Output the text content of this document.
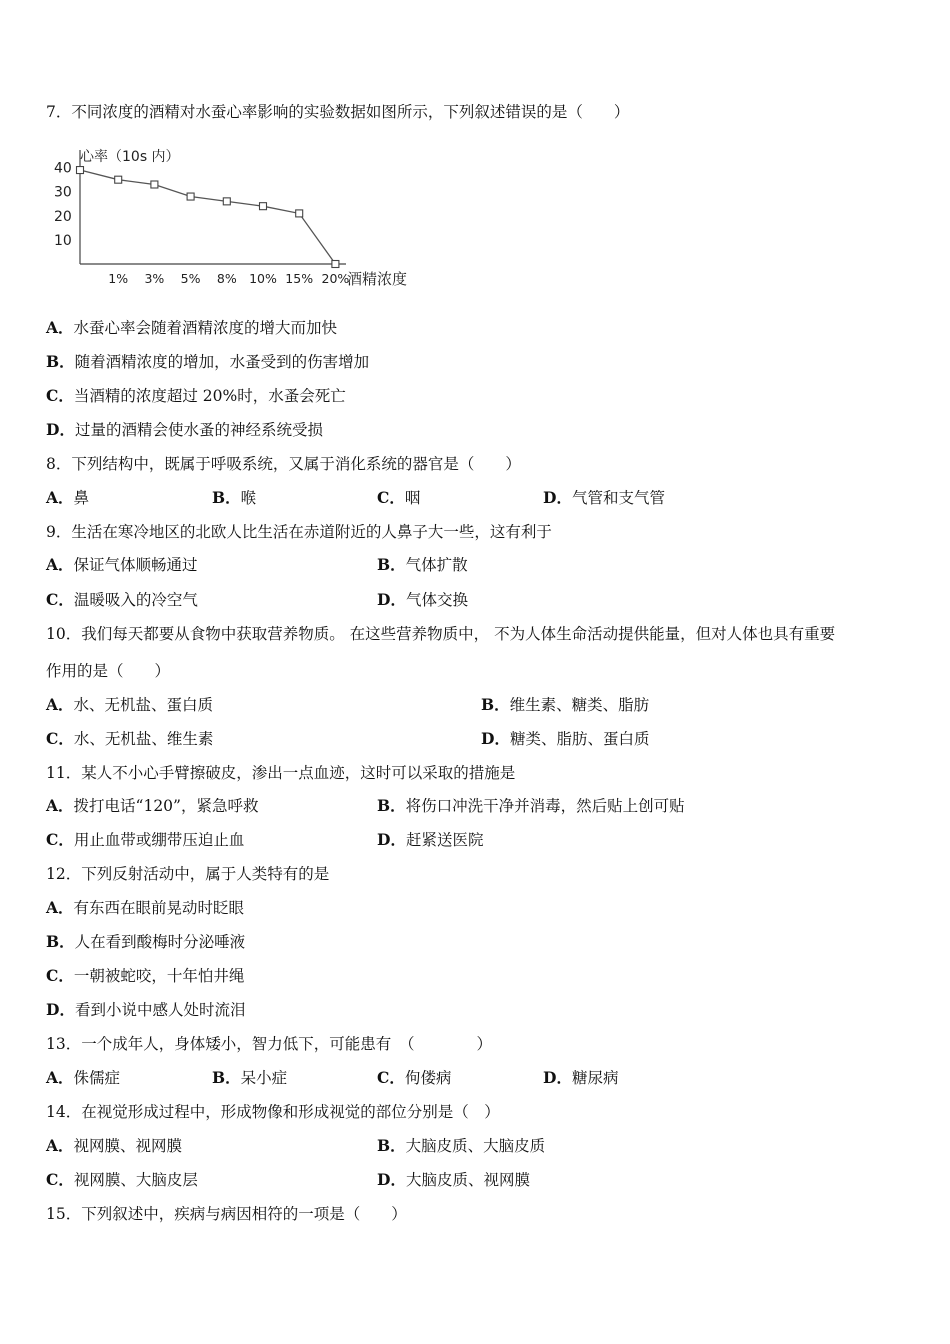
7．不同浓度的酒精对水蚕心率影响的实验数据如图所示，下列叙述错误的是（　　）
10
20
30
40
1% 3% 5% 8% 10% 15% 20%
心率（10s 内）
酒精浓度
A．水蚕心率会随着酒精浓度的增大而加快
B．随着酒精浓度的增加，水蚤受到的伤害增加
C．当酒精的浓度超过 20%时，水蚤会死亡
D．过量的酒精会使水蚤的神经系统受损
8．下列结构中，既属于呼吸系统，又属于消化系统的器官是（　　）
A．鼻	B．喉	C．咽	D．气管和支气管
9．生活在寒冷地区的北欧人比生活在赤道附近的人鼻子大一些，这有利于
A．保证气体顺畅通过	B．气体扩散
C．温暖吸入的冷空气	D．气体交换
10．我们每天都要从食物中获取营养物质。 在这些营养物质中， 不为人体生命活动提供能量，但对人体也具有重要
作用的是（　　）
A．水、无机盐、蛋白质	B．维生素、糖类、脂肪
C．水、无机盐、维生素	D．糖类、脂肪、蛋白质
11．某人不小心手臂擦破皮，渗出一点血迹，这时可以采取的措施是
A．拨打电话“120”，紧急呼救	B．将伤口冲洗干净并消毒，然后贴上创可贴
C．用止血带或绷带压迫止血	D．赶紧送医院
12．下列反射活动中，属于人类特有的是
A．有东西在眼前晃动时眨眼
B．人在看到酸梅时分泌唾液
C．一朝被蛇咬，十年怕井绳
D．看到小说中感人处时流泪
13．一个成年人，身体矮小，智力低下，可能患有　（　　　　）
A．侏儒症	B．呆小症	C．佝偻病	D．糖尿病
14．在视觉形成过程中，形成物像和形成视觉的部位分别是（　）
A．视网膜、视网膜	B．大脑皮质、大脑皮质
C．视网膜、大脑皮层	D．大脑皮质、视网膜
15．下列叙述中，疾病与病因相符的一项是（　　）
